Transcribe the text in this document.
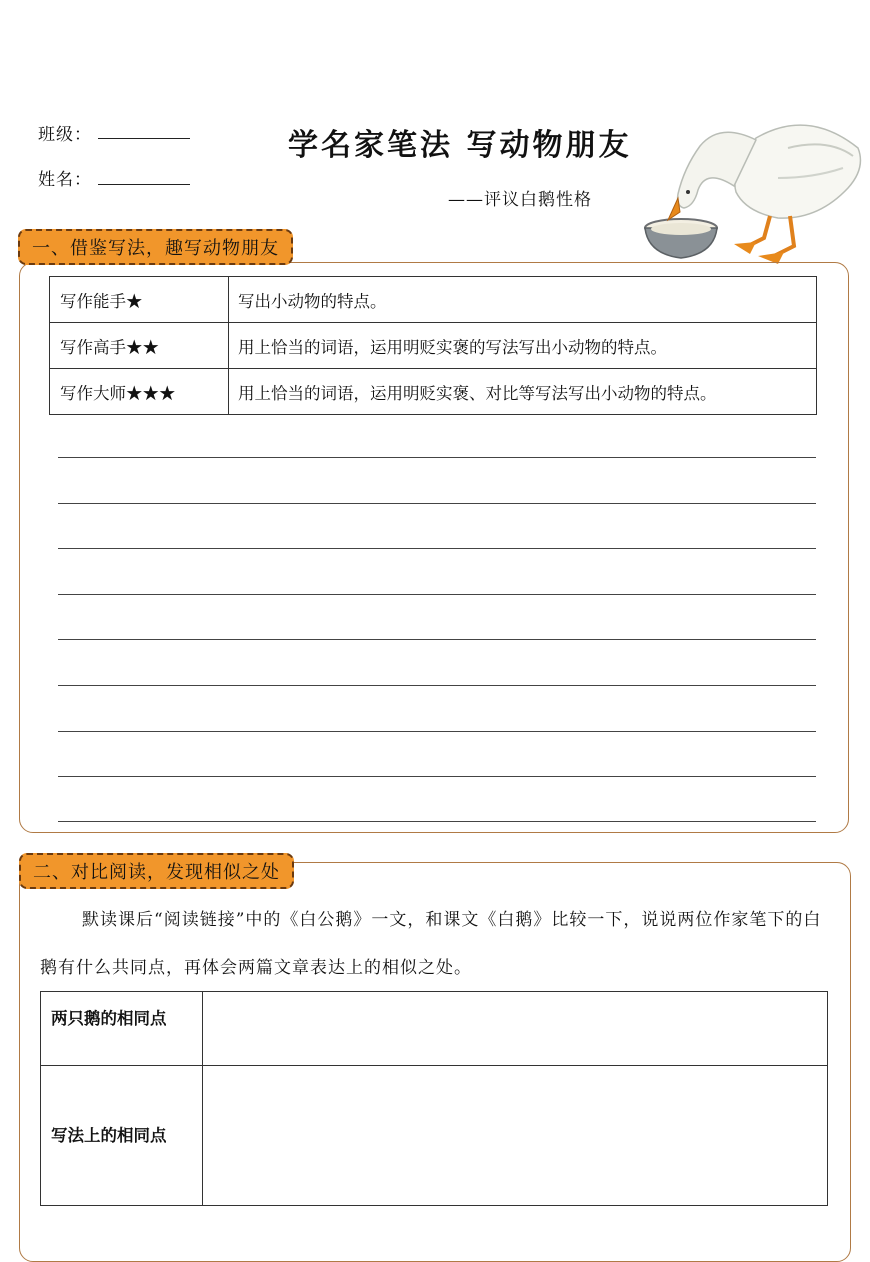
班级：
姓名：
学名家笔法 写动物朋友
——评议白鹅性格
一、借鉴写法，趣写动物朋友
写作能手★	写出小动物的特点。
写作高手★★	用上恰当的词语，运用明贬实褒的写法写出小动物的特点。
写作大师★★★	用上恰当的词语，运用明贬实褒、对比等写法写出小动物的特点。
二、对比阅读，发现相似之处
默读课后“阅读链接”中的《白公鹅》一文，和课文《白鹅》比较一下，说说两位作家笔下的白鹅有什么共同点，再体会两篇文章表达上的相似之处。
两只鹅的相同点	
写法上的相同点	
